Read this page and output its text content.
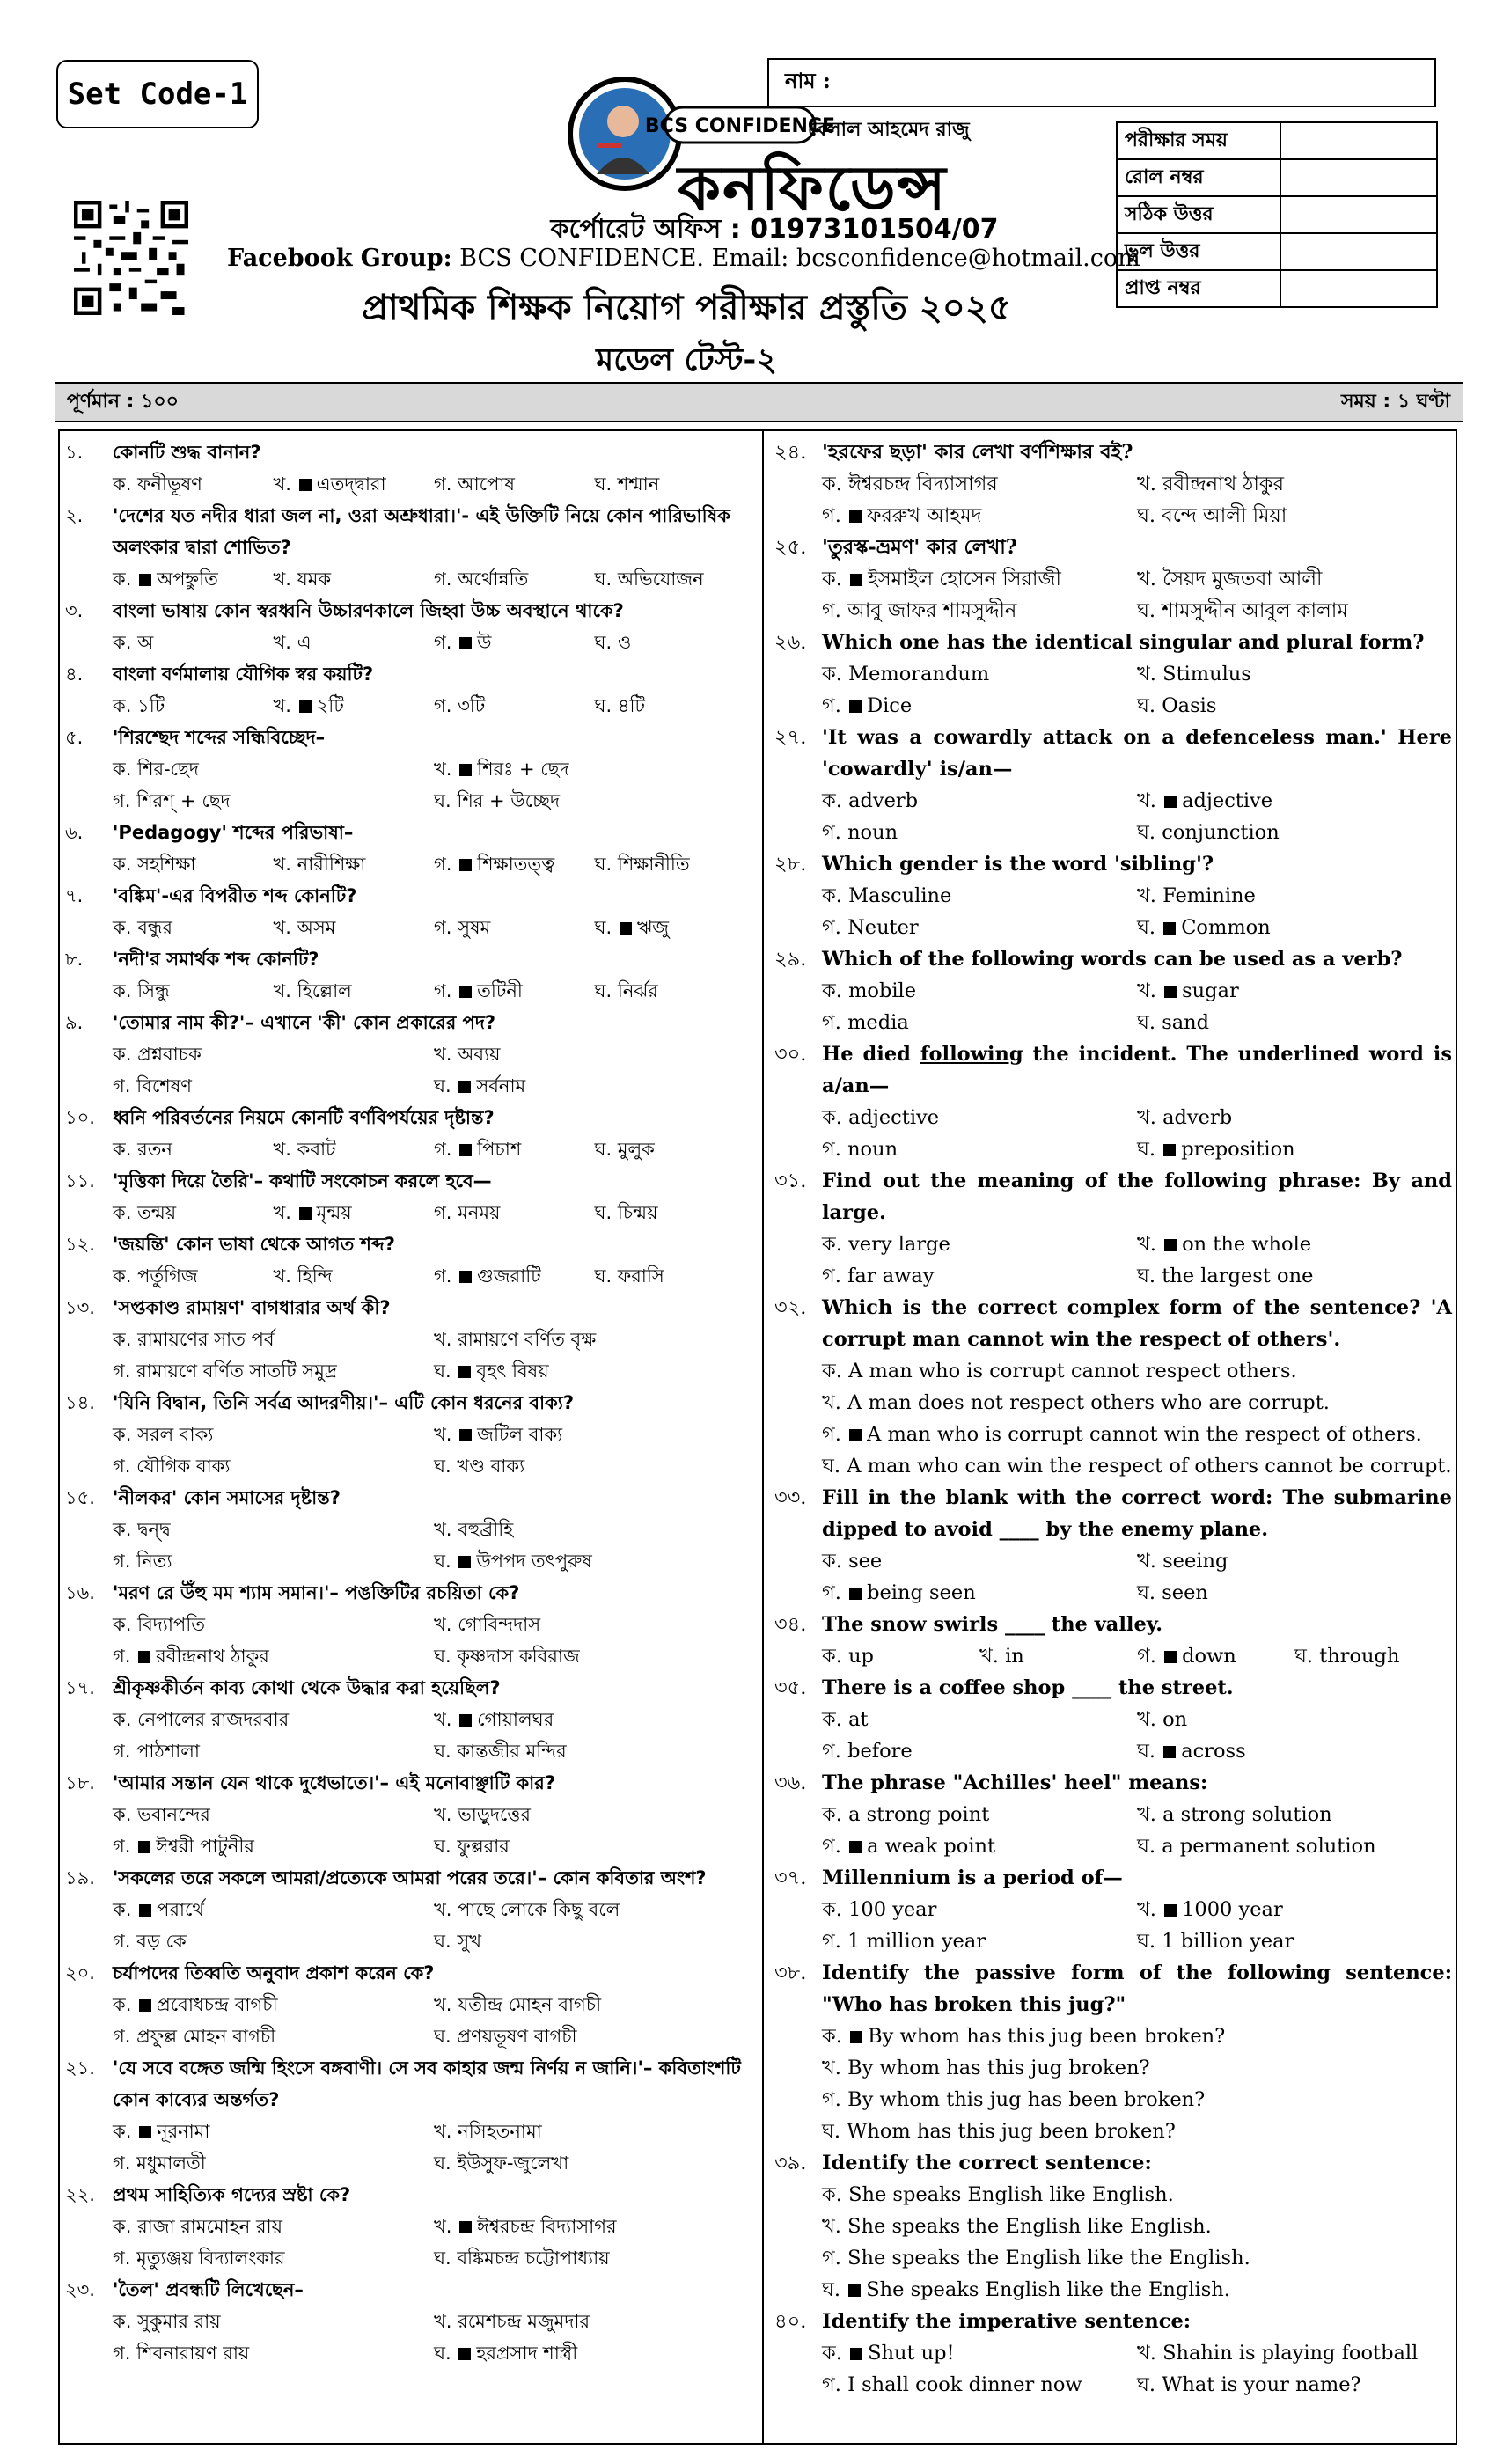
Set Code-1	নাম :
BCS CONFIDENCE
বেলাল আহমেদ রাজু
কনফিডেন্স
কর্পোরেট অফিস : 01973101504/07
Facebook Group: BCS CONFIDENCE. Email: bcsconfidence@hotmail.com
প্রাথমিক শিক্ষক নিয়োগ পরীক্ষার প্রস্তুতি ২০২৫
মডেল টেস্ট-২
পরীক্ষার সময়	
রোল নম্বর	
সঠিক উত্তর	
ভুল উত্তর	
প্রাপ্ত নম্বর	
পূর্ণমান : ১০০	সময় : ১ ঘণ্টা
১.	কোনটি শুদ্ধ বানান?
ক. ফনীভূষণ	খ. এতদ্দ্বারা	গ. আপোষ	ঘ. শশ্মান
২.	'দেশের যত নদীর ধারা জল না, ওরা অশ্রুধারা।'- এই উক্তিটি নিয়ে কোন পারিভাষিক অলংকার দ্বারা শোভিত?
ক. অপহ্নুতি	খ. যমক	গ. অর্থোন্নতি	ঘ. অভিযোজন
৩.	বাংলা ভাষায় কোন স্বরধ্বনি উচ্চারণকালে জিহ্বা উচ্চ অবস্থানে থাকে?
ক. অ	খ. এ	গ. উ	ঘ. ও
৪.	বাংলা বর্ণমালায় যৌগিক স্বর কয়টি?
ক. ১টি	খ. ২টি	গ. ৩টি	ঘ. ৪টি
৫.	'শিরশ্ছেদ শব্দের সন্ধিবিচ্ছেদ–
ক. শির-ছেদ	খ. শিরঃ + ছেদ
গ. শিরশ্‌ + ছেদ	ঘ. শির + উচ্ছেদ
৬.	'Pedagogy' শব্দের পরিভাষা–
ক. সহশিক্ষা	খ. নারীশিক্ষা	গ. শিক্ষাতত্ত্ব	ঘ. শিক্ষানীতি
৭.	'বঙ্কিম'-এর বিপরীত শব্দ কোনটি?
ক. বন্ধুর	খ. অসম	গ. সুষম	ঘ. ঋজু
৮.	'নদী'র সমার্থক শব্দ কোনটি?
ক. সিন্ধু	খ. হিল্লোল	গ. তটিনী	ঘ. নির্ঝর
৯.	'তোমার নাম কী?'– এখানে 'কী' কোন প্রকারের পদ?
ক. প্রশ্নবাচক	খ. অব্যয়
গ. বিশেষণ	ঘ. সর্বনাম
১০. ধ্বনি পরিবর্তনের নিয়মে কোনটি বর্ণবিপর্যয়ের দৃষ্টান্ত?
ক. রতন	খ. কবাট	গ. পিচাশ	ঘ. মুলুক
১১. 'মৃত্তিকা দিয়ে তৈরি'– কথাটি সংকোচন করলে হবে—
ক. তন্ময়	খ. মৃন্ময়	গ. মনময়	ঘ. চিন্ময়
১২. 'জয়ন্তি' কোন ভাষা থেকে আগত শব্দ?
ক. পর্তুগিজ	খ. হিন্দি	গ. গুজরাটি	ঘ. ফরাসি
১৩. 'সপ্তকাণ্ড রামায়ণ' বাগধারার অর্থ কী?
ক. রামায়ণের সাত পর্ব	খ. রামায়ণে বর্ণিত বৃক্ষ
গ. রামায়ণে বর্ণিত সাতটি সমুদ্র	ঘ. বৃহৎ বিষয়
১৪. 'যিনি বিদ্বান, তিনি সর্বত্র আদরণীয়।'– এটি কোন ধরনের বাক্য?
ক. সরল বাক্য	খ. জটিল বাক্য
গ. যৌগিক বাক্য	ঘ. খণ্ড বাক্য
১৫. 'নীলকর' কোন সমাসের দৃষ্টান্ত?
ক. দ্বন্দ্ব	খ. বহুব্রীহি
গ. নিত্য	ঘ. উপপদ তৎপুরুষ
১৬. 'মরণ রে উঁহু মম শ্যাম সমান।'– পঙক্তিটির রচয়িতা কে?
ক. বিদ্যাপতি	খ. গোবিন্দদাস
গ. রবীন্দ্রনাথ ঠাকুর	ঘ. কৃষ্ণদাস কবিরাজ
১৭. শ্রীকৃষ্ণকীর্তন কাব্য কোথা থেকে উদ্ধার করা হয়েছিল?
ক. নেপালের রাজদরবার	খ. গোয়ালঘর
গ. পাঠশালা	ঘ. কান্তজীর মন্দির
১৮. 'আমার সন্তান যেন থাকে দুধেভাতে।'– এই মনোবাঞ্ছাটি কার?
ক. ভবানন্দের	খ. ভাড়ুদত্তের
গ. ঈশ্বরী পাটুনীর	ঘ. ফুল্লরার
১৯. 'সকলের তরে সকলে আমরা/প্রত্যেকে আমরা পরের তরে।'– কোন কবিতার অংশ?
ক. পরার্থে	খ. পাছে লোকে কিছু বলে
গ. বড় কে	ঘ. সুখ
২০. চর্যাপদের তিব্বতি অনুবাদ প্রকাশ করেন কে?
ক. প্রবোধচন্দ্র বাগচী	খ. যতীন্দ্র মোহন বাগচী
গ. প্রফুল্ল মোহন বাগচী	ঘ. প্রণয়ভূষণ বাগচী
২১. 'যে সবে বঙ্গেত জন্মি হিংসে বঙ্গবাণী। সে সব কাহার জন্ম নির্ণয় ন জানি।'– কবিতাংশটি কোন কাব্যের অন্তর্গত?
ক. নূরনামা	খ. নসিহতনামা
গ. মধুমালতী	ঘ. ইউসুফ-জুলেখা
২২. প্রথম সাহিত্যিক গদ্যের স্রষ্টা কে?
ক. রাজা রামমোহন রায়	খ. ঈশ্বরচন্দ্র বিদ্যাসাগর
গ. মৃত্যুঞ্জয় বিদ্যালংকার	ঘ. বঙ্কিমচন্দ্র চট্টোপাধ্যায়
২৩. 'তৈল' প্রবন্ধটি লিখেছেন–
ক. সুকুমার রায়	খ. রমেশচন্দ্র মজুমদার
গ. শিবনারায়ণ রায়	ঘ. হরপ্রসাদ শাস্ত্রী
২৪. 'হরফের ছড়া' কার লেখা বর্ণশিক্ষার বই?
ক. ঈশ্বরচন্দ্র বিদ্যাসাগর	খ. রবীন্দ্রনাথ ঠাকুর
গ. ফররুখ আহমদ	ঘ. বন্দে আলী মিয়া
২৫. 'তুরস্ক-ভ্রমণ' কার লেখা?
ক. ইসমাইল হোসেন সিরাজী	খ. সৈয়দ মুজতবা আলী
গ. আবু জাফর শামসুদ্দীন	ঘ. শামসুদ্দীন আবুল কালাম
২৬. Which one has the identical singular and plural form?
ক. Memorandum	খ. Stimulus
গ. Dice	ঘ. Oasis
২৭. 'It was a cowardly attack on a defenceless man.' Here 'cowardly' is/an—
ক. adverb	খ. adjective
গ. noun	ঘ. conjunction
২৮. Which gender is the word 'sibling'?
ক. Masculine	খ. Feminine
গ. Neuter	ঘ. Common
২৯. Which of the following words can be used as a verb?
ক. mobile	খ. sugar
গ. media	ঘ. sand
৩০. He died following the incident. The underlined word is a/an—
ক. adjective	খ. adverb
গ. noun	ঘ. preposition
৩১. Find out the meaning of the following phrase: By and large.
ক. very large	খ. on the whole
গ. far away	ঘ. the largest one
৩২. Which is the correct complex form of the sentence? 'A corrupt man cannot win the respect of others'.
ক. A man who is corrupt cannot respect others.
খ. A man does not respect others who are corrupt.
গ. A man who is corrupt cannot win the respect of others.
ঘ. A man who can win the respect of others cannot be corrupt.
৩৩. Fill in the blank with the correct word: The submarine dipped to avoid ____ by the enemy plane.
ক. see	খ. seeing
গ. being seen	ঘ. seen
৩৪. The snow swirls ____ the valley.
ক. up	খ. in	গ. down	ঘ. through
৩৫. There is a coffee shop ____ the street.
ক. at	খ. on
গ. before	ঘ. across
৩৬. The phrase "Achilles' heel" means:
ক. a strong point	খ. a strong solution
গ. a weak point	ঘ. a permanent solution
৩৭. Millennium is a period of—
ক. 100 year	খ. 1000 year
গ. 1 million year	ঘ. 1 billion year
৩৮. Identify the passive form of the following sentence: "Who has broken this jug?"
ক. By whom has this jug been broken?
খ. By whom has this jug broken?
গ. By whom this jug has been broken?
ঘ. Whom has this jug been broken?
৩৯. Identify the correct sentence:
ক. She speaks English like English.
খ. She speaks the English like English.
গ. She speaks the English like the English.
ঘ. She speaks English like the English.
৪০. Identify the imperative sentence:
ক. Shut up!	খ. Shahin is playing football
গ. I shall cook dinner now	ঘ. What is your name?
